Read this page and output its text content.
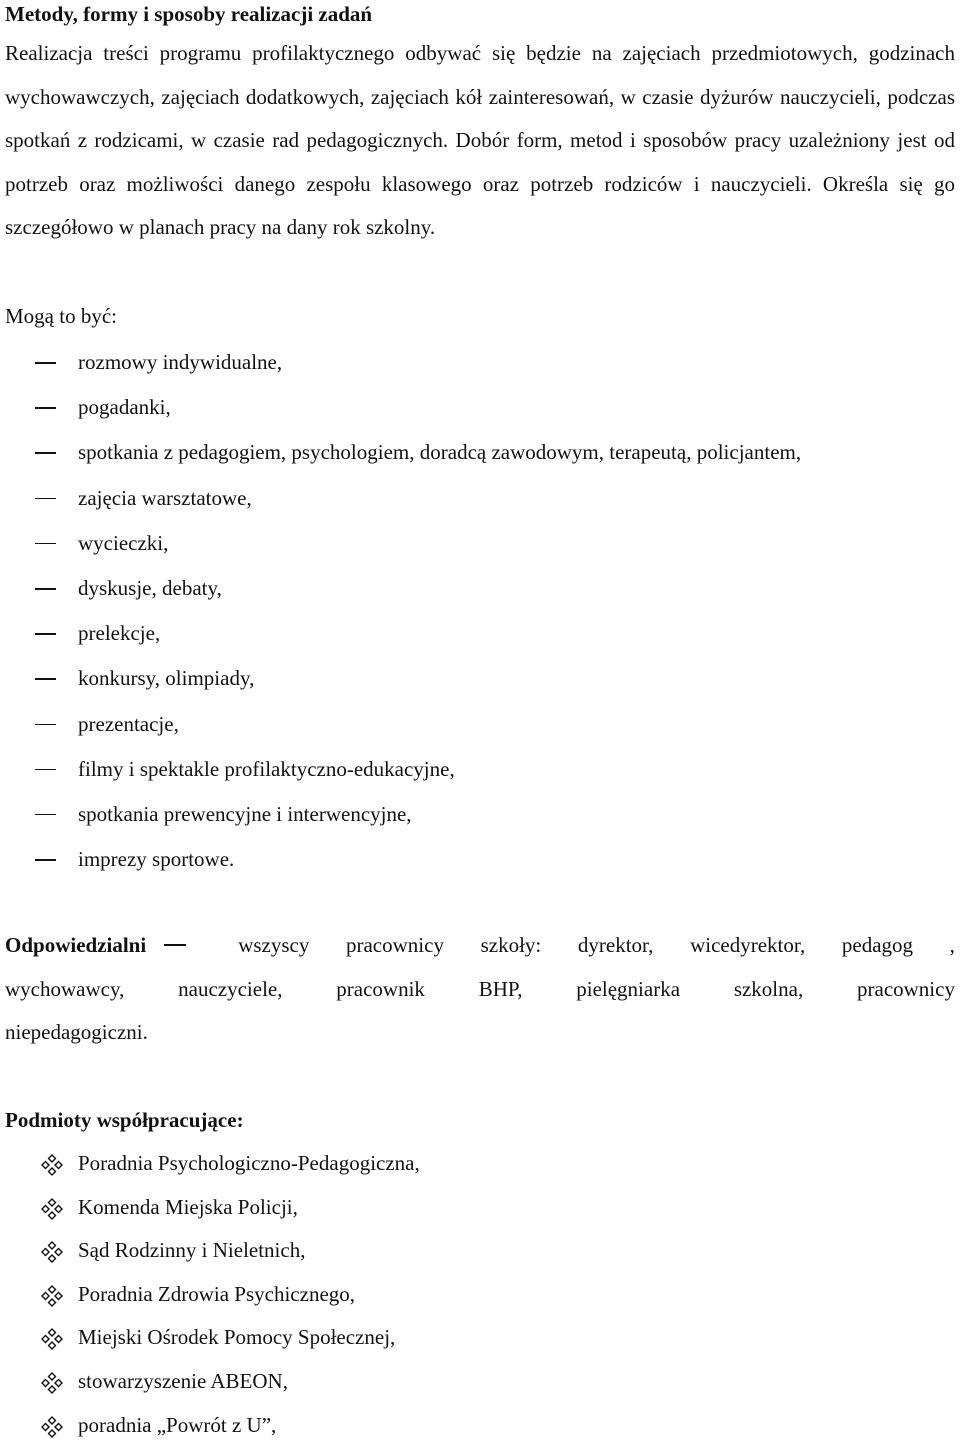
Metody, formy i sposoby realizacji zadań

Realizacja treści programu profilaktycznego odbywać się będzie na zajęciach przedmiotowych, godzinach wychowawczych, zajęciach dodatkowych, zajęciach kół zainteresowań, w czasie dyżurów nauczycieli, podczas spotkań z rodzicami, w czasie rad pedagogicznych. Dobór form, metod i sposobów pracy uzależniony jest od potrzeb oraz możliwości danego zespołu klasowego oraz potrzeb rodziców i nauczycieli. Określa się go szczegółowo w planach pracy na dany rok szkolny.

Mogą to być:
rozmowy indywidualne,
pogadanki,
spotkania z pedagogiem, psychologiem, doradcą zawodowym, terapeutą, policjantem,
zajęcia warsztatowe,
wycieczki,
dyskusje, debaty,
prelekcje,
konkursy, olimpiady,
prezentacje,
filmy i spektakle profilaktyczno-edukacyjne,
spotkania prewencyjne i interwencyjne,
imprezy sportowe.
Odpowiedzialni	wszyscy pracownicy szkoły: dyrektor, wicedyrektor, pedagog ,
wychowawcy,	nauczyciele,	pracownik	BHP,	pielęgniarka	szkolna,	pracownicy
niepedagogiczni.
Podmioty współpracujące:
Poradnia Psychologiczno-Pedagogiczna,
Komenda Miejska Policji,
Sąd Rodzinny i Nieletnich,
Poradnia Zdrowia Psychicznego,
Miejski Ośrodek Pomocy Społecznej,
stowarzyszenie ABEON,
poradnia „Powrót z U”,
